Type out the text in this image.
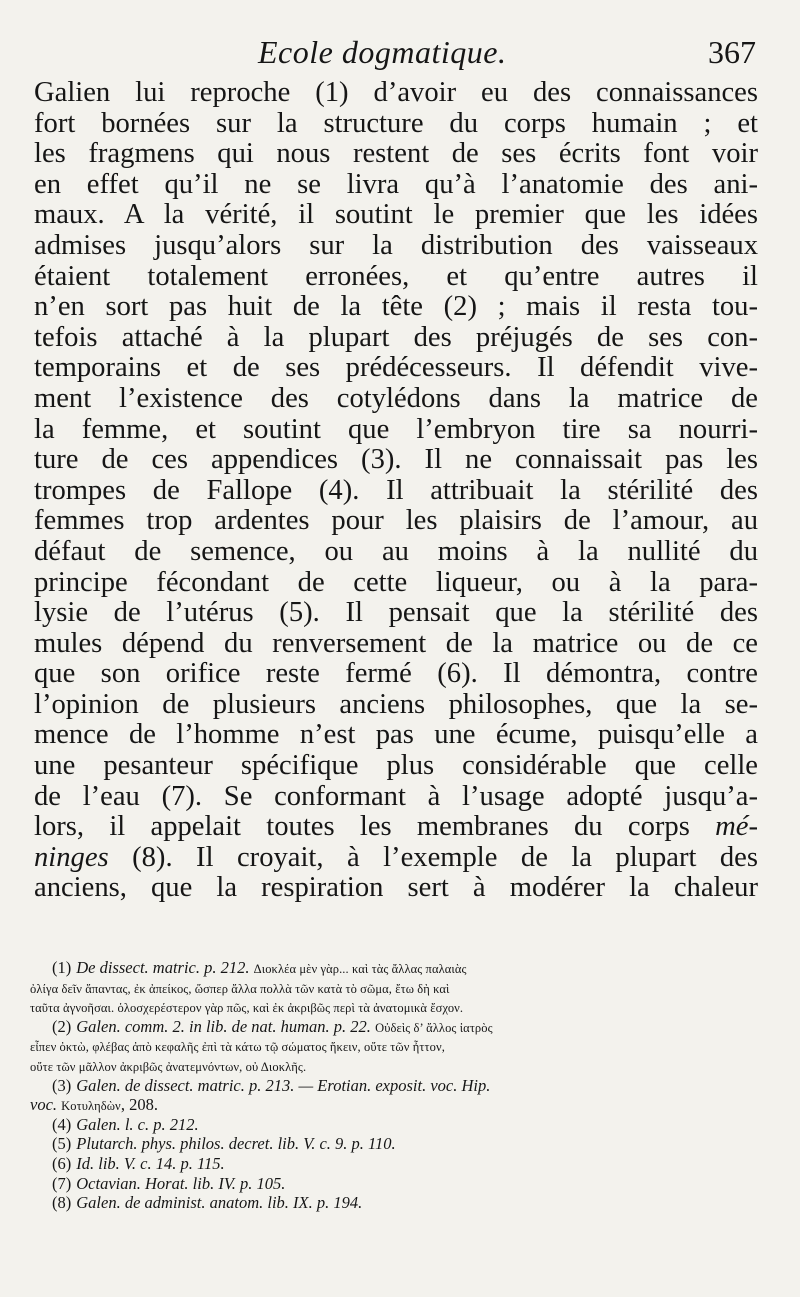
Ecole dogmatique.	367
Galien lui reproche (1) d’avoir eu des connaissances
fort bornées sur la structure du corps humain ; et
les fragmens qui nous restent de ses écrits font voir
en effet qu’il ne se livra qu’à l’anatomie des ani-
maux. A la vérité, il soutint le premier que les idées
admises jusqu’alors sur la distribution des vaisseaux
étaient totalement erronées, et qu’entre autres il
n’en sort pas huit de la tête (2) ; mais il resta tou-
tefois attaché à la plupart des préjugés de ses con-
temporains et de ses prédécesseurs. Il défendit vive-
ment l’existence des cotylédons dans la matrice de
la femme, et soutint que l’embryon tire sa nourri-
ture de ces appendices (3). Il ne connaissait pas les
trompes de Fallope (4). Il attribuait la stérilité des
femmes trop ardentes pour les plaisirs de l’amour, au
défaut de semence, ou au moins à la nullité du
principe fécondant de cette liqueur, ou à la para-
lysie de l’utérus (5). Il pensait que la stérilité des
mules dépend du renversement de la matrice ou de ce
que son orifice reste fermé (6). Il démontra, contre
l’opinion de plusieurs anciens philosophes, que la se-
mence de l’homme n’est pas une écume, puisqu’elle a
une pesanteur spécifique plus considérable que celle
de l’eau (7). Se conformant à l’usage adopté jusqu’a-
lors, il appelait toutes les membranes du corps mé-
ninges (8). Il croyait, à l’exemple de la plupart des
anciens, que la respiration sert à modérer la chaleur
(1) De dissect. matric. p. 212. Διοκλέα μὲν γὰρ... καὶ τὰς ἄλλας παλαιὰς
ὀλίγα δεῖν ἅπαντας, ἐκ ἀπείκος, ὥσπερ ἄλλα πολλὰ τῶν κατὰ τὸ σῶμα, ἔτω δὴ καὶ
ταῦτα ἀγνοῆσαι. ὁλοσχερέστερον γὰρ πῶς, καὶ ἐκ ἀκριβῶς περὶ τὰ ἀνατομικὰ ἔσχον.
(2) Galen. comm. 2. in lib. de nat. human. p. 22. Οὐδεὶς δ’ ἄλλος ἰατρὸς
εἶπεν ὀκτὼ, φλέβας ἀπὸ κεφαλῆς ἐπὶ τὰ κάτω τῷ σώματος ἥκειν, οὔτε τῶν ἦττον,
οὔτε τῶν μᾶλλον ἀκριβῶς ἀνατεμνόντων, οὐ Διοκλῆς.
(3) Galen. de dissect. matric. p. 213. — Erotian. exposit. voc. Hip.
voc. Κοτυληδὼν, 208.
(4) Galen. l. c. p. 212.
(5) Plutarch. phys. philos. decret. lib. V. c. 9. p. 110.
(6) Id. lib. V. c. 14. p. 115.
(7) Octavian. Horat. lib. IV. p. 105.
(8) Galen. de administ. anatom. lib. IX. p. 194.
